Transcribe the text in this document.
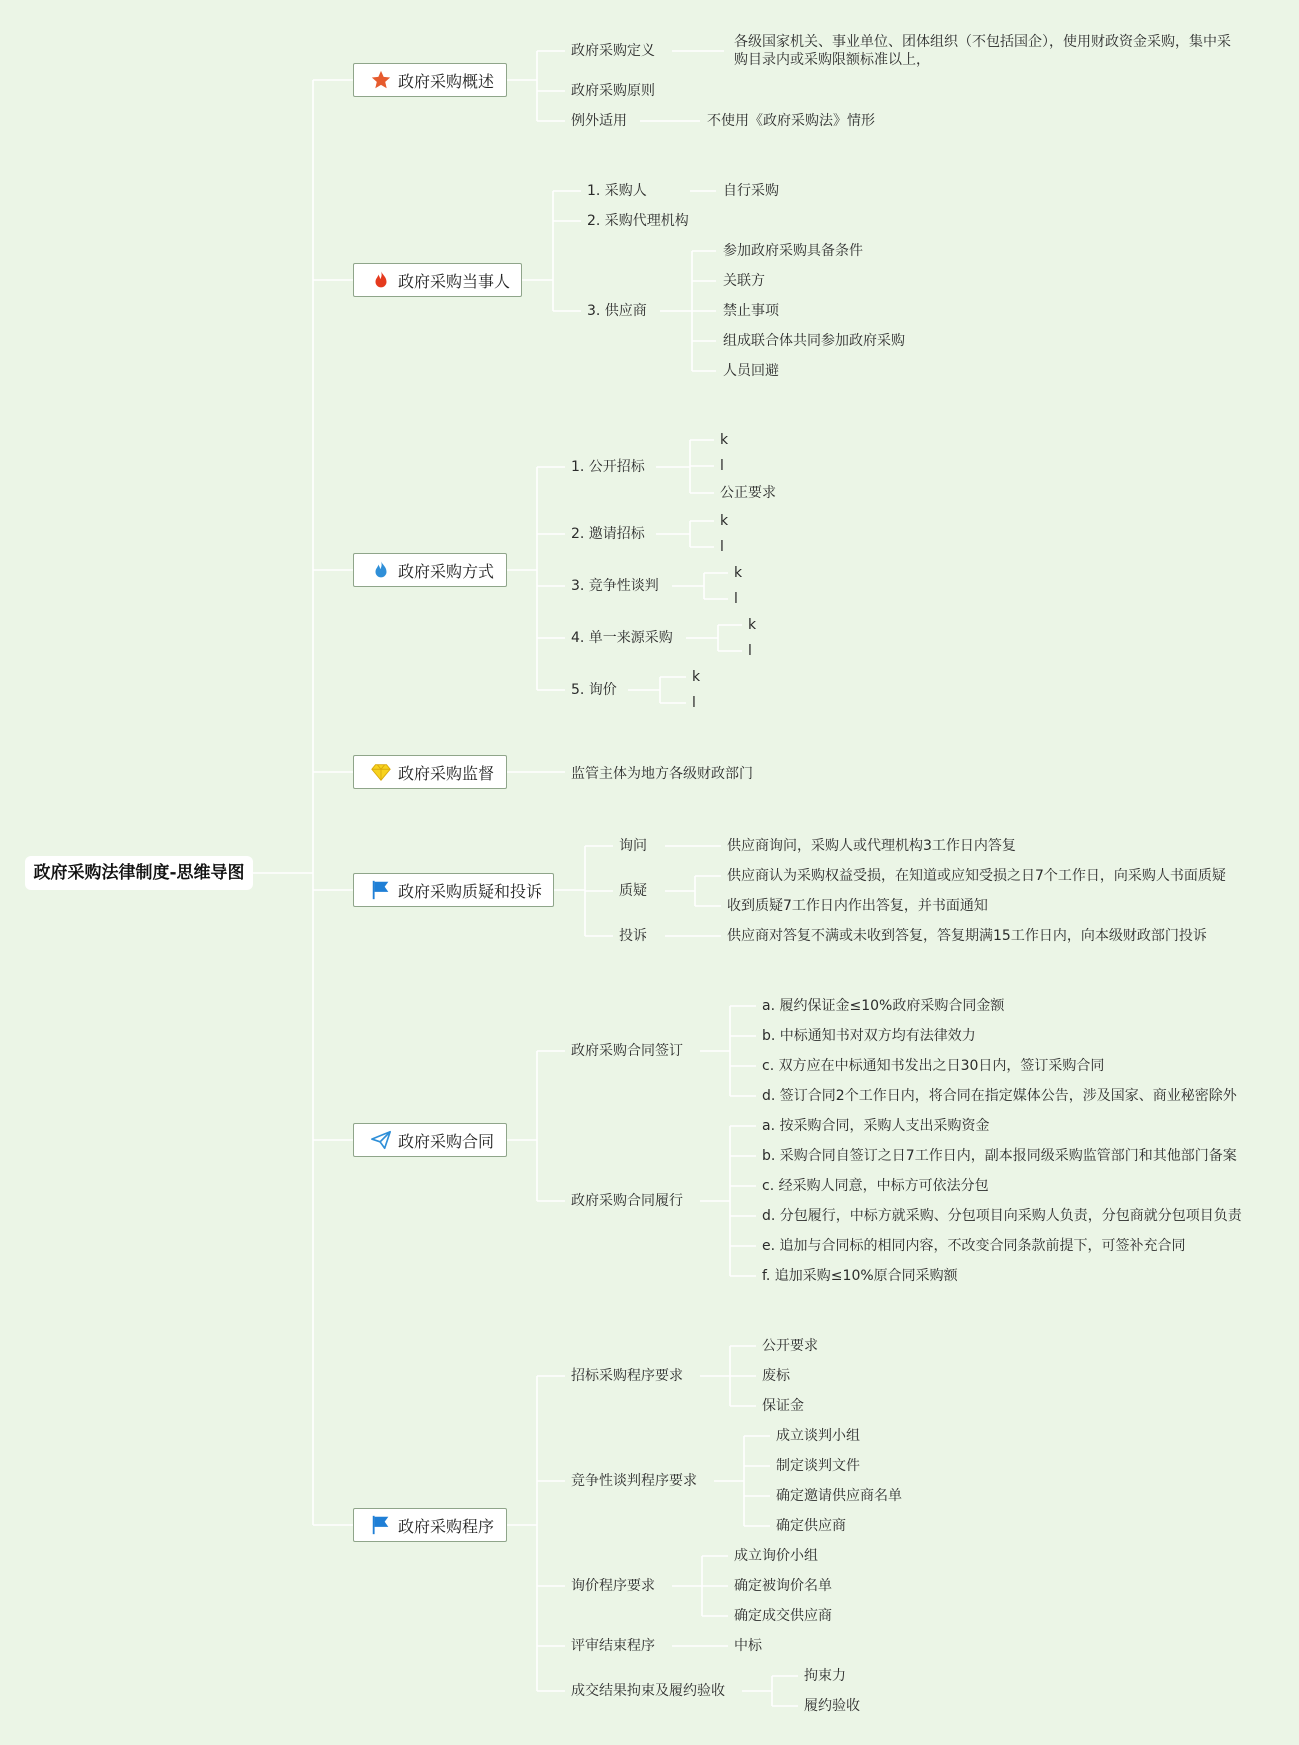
政府采购法律制度-思维导图
政府采购概述
政府采购定义
各级国家机关、事业单位、团体组织（不包括国企），使用财政资金采购，集中采购目录内或采购限额标准以上，
政府采购原则
例外适用	不使用《政府采购法》情形
政府采购当事人
1. 采购人	自行采购
2. 采购代理机构
3. 供应商
参加政府采购具备条件
关联方
禁止事项
组成联合体共同参加政府采购
人员回避
政府采购方式
1. 公开招标
k
l
公正要求
2. 邀请招标
k
l
3. 竞争性谈判
k
l
4. 单一来源采购
k
l
5. 询价
k
l
政府采购监督	监管主体为地方各级财政部门
政府采购质疑和投诉
询问	供应商询问，采购人或代理机构3工作日内答复
质疑
供应商认为采购权益受损，在知道或应知受损之日7个工作日，向采购人书面质疑
收到质疑7工作日内作出答复，并书面通知
投诉	供应商对答复不满或未收到答复，答复期满15工作日内，向本级财政部门投诉
政府采购合同
政府采购合同签订
a. 履约保证金≤10%政府采购合同金额
b. 中标通知书对双方均有法律效力
c. 双方应在中标通知书发出之日30日内，签订采购合同
d. 签订合同2个工作日内，将合同在指定媒体公告，涉及国家、商业秘密除外
政府采购合同履行
a. 按采购合同，采购人支出采购资金
b. 采购合同自签订之日7工作日内，副本报同级采购监管部门和其他部门备案
c. 经采购人同意，中标方可依法分包
d. 分包履行，中标方就采购、分包项目向采购人负责，分包商就分包项目负责
e. 追加与合同标的相同内容，不改变合同条款前提下，可签补充合同
f. 追加采购≤10%原合同采购额
政府采购程序
招标采购程序要求
公开要求
废标
保证金
竞争性谈判程序要求
成立谈判小组
制定谈判文件
确定邀请供应商名单
确定供应商
询价程序要求
成立询价小组
确定被询价名单
确定成交供应商
评审结束程序	中标
成交结果拘束及履约验收
拘束力
履约验收
